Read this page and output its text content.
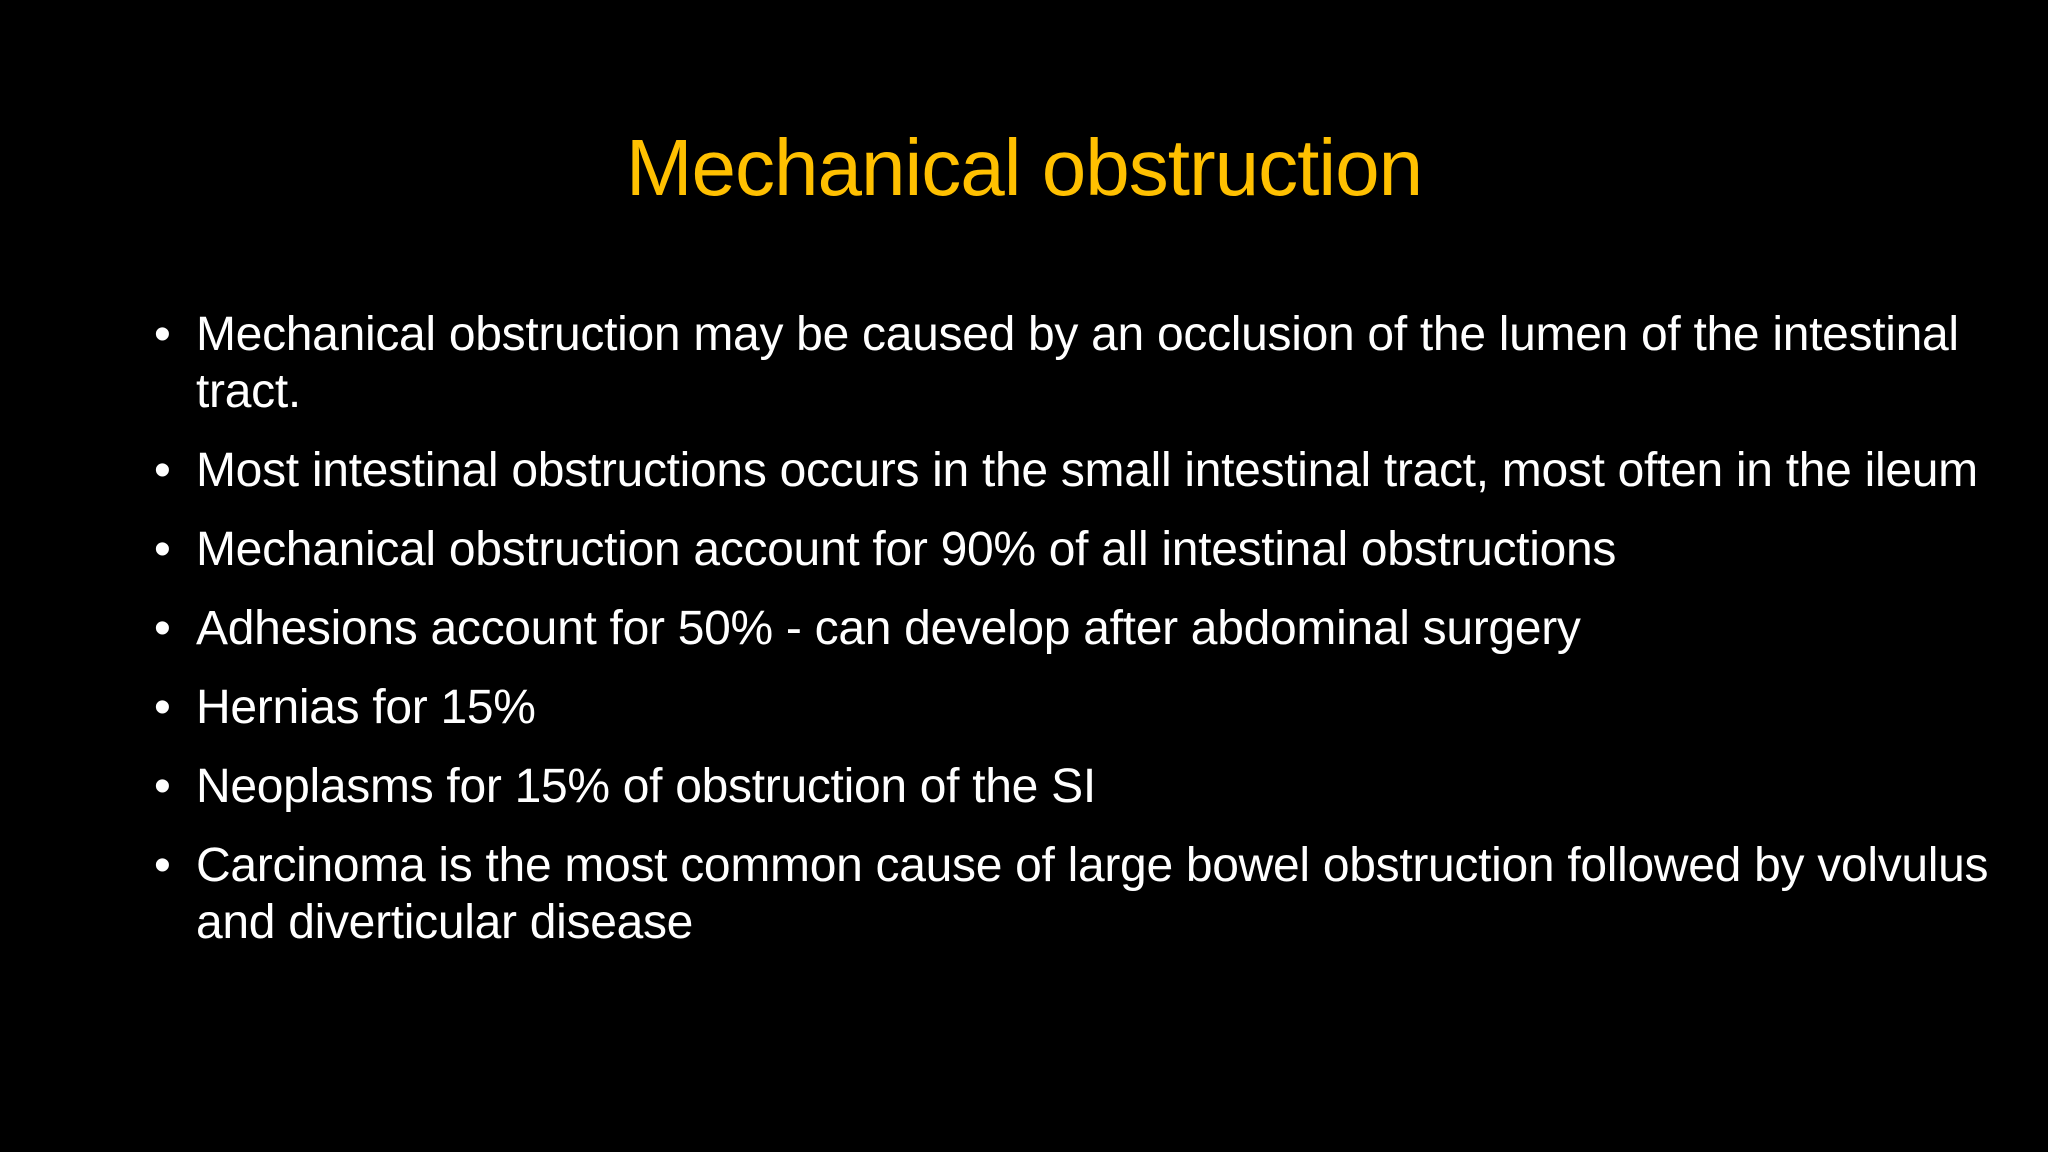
Mechanical obstruction
• Mechanical obstruction may be caused by an occlusion of the lumen of the intestinal tract.
• Most intestinal obstructions occurs in the small intestinal tract, most often in the ileum
• Mechanical obstruction account for 90% of all intestinal obstructions
• Adhesions account for 50% - can develop after abdominal surgery
• Hernias for 15%
• Neoplasms for 15% of obstruction of the SI
• Carcinoma is the most common cause of large bowel obstruction followed by volvulus and diverticular disease
